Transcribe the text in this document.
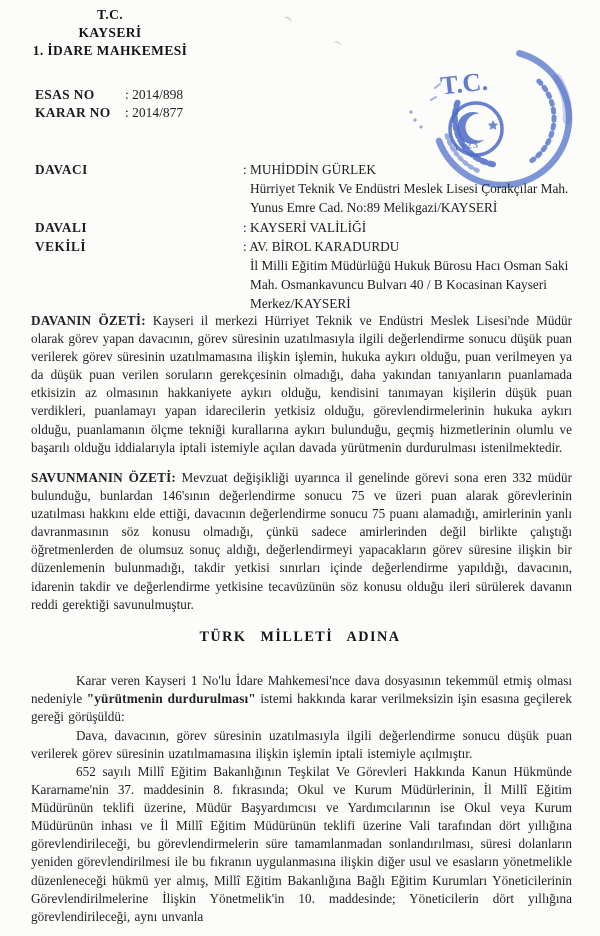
T.C.
1923
T.C.
KAYSERİ
1. İDARE MAHKEMESİ
ESAS NO	: 2014/898
KARAR NO	: 2014/877
DAVACI	: MUHİDDİN GÜRLEK
Hürriyet Teknik Ve Endüstri Meslek Lisesi Çorakçılar Mah.
Yunus Emre Cad. No:89 Melikgazi/KAYSERİ
DAVALI	: KAYSERİ VALİLİĞİ
VEKİLİ	: AV. BİROL KARADURDU
İl Milli Eğitim Müdürlüğü Hukuk Bürosu Hacı Osman Saki
Mah. Osmankavuncu Bulvarı 40 / B Kocasinan Kayseri
Merkez/KAYSERİ
DAVANIN ÖZETİ: Kayseri il merkezi Hürriyet Teknik ve Endüstri Meslek Lisesi'nde Müdür olarak görev yapan davacının, görev süresinin uzatılmasıyla ilgili değerlendirme sonucu düşük puan verilerek görev süresinin uzatılmamasına ilişkin işlemin, hukuka aykırı olduğu, puan verilmeyen ya da düşük puan verilen soruların gerekçesinin olmadığı, daha yakından tanıyanların puanlamada etkisizin az olmasının hakkaniyete aykırı olduğu, kendisini tanımayan kişilerin düşük puan verdikleri, puanlamayı yapan idarecilerin yetkisiz olduğu, görevlendirmelerinin hukuka aykırı olduğu, puanlamanın ölçme tekniği kurallarına aykırı bulunduğu, geçmiş hizmetlerinin olumlu ve başarılı olduğu iddialarıyla iptali istemiyle açılan davada yürütmenin durdurulması istenilmektedir.
SAVUNMANIN ÖZETİ: Mevzuat değişikliği uyarınca il genelinde görevi sona eren 332 müdür bulunduğu, bunlardan 146'sının değerlendirme sonucu 75 ve üzeri puan alarak görevlerinin uzatılması hakkını elde ettiği, davacının değerlendirme sonucu 75 puanı alamadığı, amirlerinin yanlı davranmasının söz konusu olmadığı, çünkü sadece amirlerinden değil birlikte çalıştığı öğretmenlerden de olumsuz sonuç aldığı, değerlendirmeyi yapacakların görev süresine ilişkin bir düzenlemenin bulunmadığı, takdir yetkisi sınırları içinde değerlendirme yapıldığı, davacının, idarenin takdir ve değerlendirme yetkisine tecavüzünün söz konusu olduğu ileri sürülerek davanın reddi gerektiği savunulmuştur.
TÜRK MİLLETİ ADINA
Karar veren Kayseri 1 No'lu İdare Mahkemesi'nce dava dosyasının tekemmül etmiş olması nedeniyle "yürütmenin durdurulması" istemi hakkında karar verilmeksizin işin esasına geçilerek gereği görüşüldü:
Dava, davacının, görev süresinin uzatılmasıyla ilgili değerlendirme sonucu düşük puan verilerek görev süresinin uzatılmamasına ilişkin işlemin iptali istemiyle açılmıştır.
652 sayılı Millî Eğitim Bakanlığının Teşkilat Ve Görevleri Hakkında Kanun Hükmünde Kararname'nin 37. maddesinin 8. fıkrasında; Okul ve Kurum Müdürlerinin, İl Millî Eğitim Müdürünün teklifi üzerine, Müdür Başyardımcısı ve Yardımcılarının ise Okul veya Kurum Müdürünün inhası ve İl Millî Eğitim Müdürünün teklifi üzerine Vali tarafından dört yıllığına görevlendirileceği, bu görevlendirmelerin süre tamamlanmadan sonlandırılması, süresi dolanların yeniden görevlendirilmesi ile bu fıkranın uygulanmasına ilişkin diğer usul ve esasların yönetmelikle düzenleneceği hükmü yer almış, Millî Eğitim Bakanlığına Bağlı Eğitim Kurumları Yöneticilerinin Görevlendirilmelerine İlişkin Yönetmelik'in 10. maddesinde; Yöneticilerin dört yıllığına görevlendirileceği, aynı unvanla
